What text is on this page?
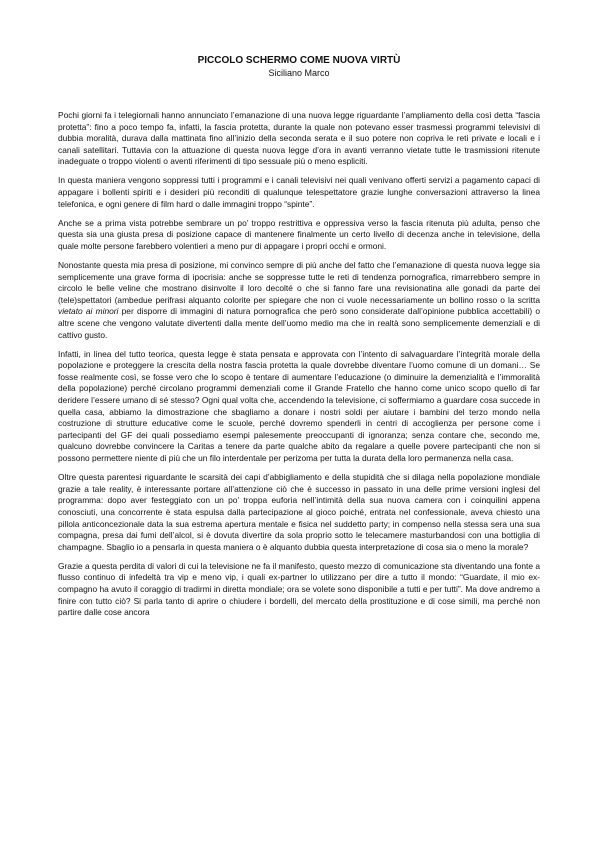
PICCOLO SCHERMO COME NUOVA VIRTÙ

Siciliano Marco

Pochi giorni fa i telegiornali hanno annunciato l’emanazione di una nuova legge riguardante l’ampliamento della così detta “fascia protetta”: fino a poco tempo fa, infatti, la fascia protetta, durante la quale non potevano esser trasmessi programmi televisivi di dubbia moralità, durava dalla mattinata fino all’inizio della seconda serata e il suo potere non copriva le reti private e locali e i canali satellitari. Tuttavia con la attuazione di questa nuova legge d’ora in avanti verranno vietate tutte le trasmissioni ritenute inadeguate o troppo violenti o aventi riferimenti di tipo sessuale più o meno espliciti.

In questa maniera vengono soppressi tutti i programmi e i canali televisivi nei quali venivano offerti servizi a pagamento capaci di appagare i bollenti spiriti e i desideri più reconditi di qualunque telespettatore grazie lunghe conversazioni attraverso la linea telefonica, e ogni genere di film hard o dalle immagini troppo “spinte”.

Anche se a prima vista potrebbe sembrare un po’ troppo restrittiva e oppressiva verso la fascia ritenuta più adulta, penso che questa sia una giusta presa di posizione capace di mantenere finalmente un certo livello di decenza anche in televisione, della quale molte persone farebbero volentieri a meno pur di appagare i propri occhi e ormoni.

Nonostante questa mia presa di posizione, mi convinco sempre di più anche del fatto che l’emanazione di questa nuova legge sia semplicemente una grave forma di ipocrisia: anche se soppresse tutte le reti di tendenza pornografica, rimarrebbero sempre in circolo le belle veline che mostrano disinvolte il loro decolté o che si fanno fare una revisionatina alle gonadi da parte dei (tele)spettatori (ambedue perifrasi alquanto colorite per spiegare che non ci vuole necessariamente un bollino rosso o la scritta vietato ai minori per disporre di immagini di natura pornografica che però sono considerate dall’opinione pubblica accettabili) o altre scene che vengono valutate divertenti dalla mente dell’uomo medio ma che in realtà sono semplicemente demenziali e di cattivo gusto.

Infatti, in linea del tutto teorica, questa legge è stata pensata e approvata con l’intento di salvaguardare l’integrità morale della popolazione e proteggere la crescita della nostra fascia protetta la quale dovrebbe diventare l’uomo comune di un domani… Se fosse realmente così, se fosse vero che lo scopo è tentare di aumentare l’educazione (o diminuire la demenzialità e l’immoralità della popolazione) perché circolano programmi demenziali come il Grande Fratello che hanno come unico scopo quello di far deridere l’essere umano di sé stesso? Ogni qual volta che, accendendo la televisione, ci soffermiamo a guardare cosa succede in quella casa, abbiamo la dimostrazione che sbagliamo a donare i nostri soldi per aiutare i bambini del terzo mondo nella costruzione di strutture educative come le scuole, perché dovremo spenderli in centri di accoglienza per persone come i partecipanti del GF dei quali possediamo esempi palesemente preoccupanti di ignoranza; senza contare che, secondo me, qualcuno dovrebbe convincere la Caritas a tenere da parte qualche abito da regalare a quelle povere partecipanti che non si possono permettere niente di più che un filo interdentale per perizoma per tutta la durata della loro permanenza nella casa.

Oltre questa parentesi riguardante le scarsità dei capi d’abbigliamento e della stupidità che si dilaga nella popolazione mondiale grazie a tale reality, è interessante portare all’attenzione ciò che è successo in passato in una delle prime versioni inglesi del programma: dopo aver festeggiato con un po’ troppa euforia nell’intimità della sua nuova camera con i coinquilini appena conosciuti, una concorrente è stata espulsa dalla partecipazione al gioco poiché, entrata nel confessionale, aveva chiesto una pillola anticoncezionale data la sua estrema apertura mentale e fisica nel suddetto party; in compenso nella stessa sera una sua compagna, presa dai fumi dell’alcol, si è dovuta divertire da sola proprio sotto le telecamere masturbandosi con una bottiglia di champagne. Sbaglio io a pensarla in questa maniera o è alquanto dubbia questa interpretazione di cosa sia o meno la morale?

Grazie a questa perdita di valori di cui la televisione ne fa il manifesto, questo mezzo di comunicazione sta diventando una fonte a flusso continuo di infedeltà tra vip e meno vip, i quali ex-partner lo utilizzano per dire a tutto il mondo: “Guardate, il mio ex-compagno ha avuto il coraggio di tradirmi in diretta mondiale; ora se volete sono disponibile a tutti e per tutti”. Ma dove andremo a finire con tutto ciò? Si parla tanto di aprire o chiudere i bordelli, del mercato della prostituzione e di cose simili, ma perché non partire dalle cose ancora
